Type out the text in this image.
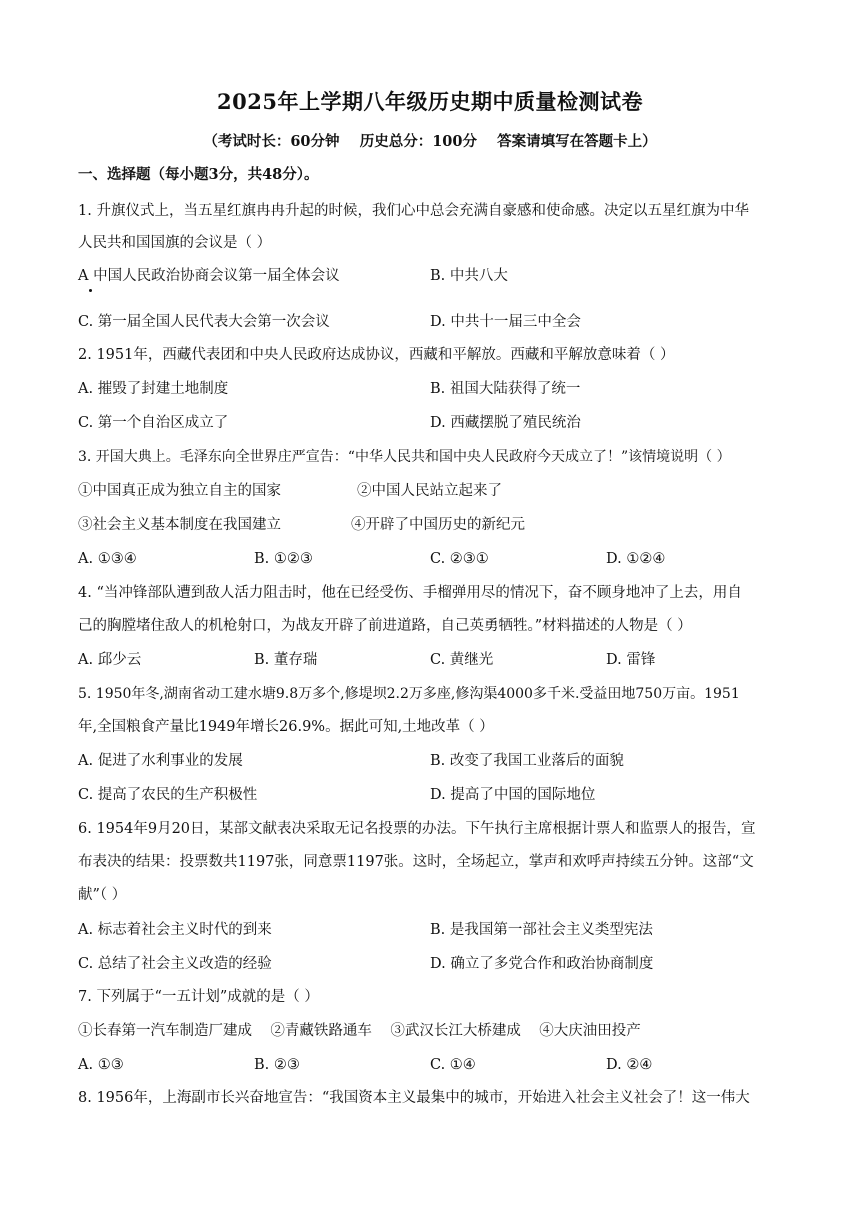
2025年上学期八年级历史期中质量检测试卷
（考试时长：60分钟    历史总分：100分    答案请填写在答题卡上）
一、选择题（每小题3分，共48分）。
1. 升旗仪式上，当五星红旗冉冉升起的时候，我们心中总会充满自豪感和使命感。决定以五星红旗为中华
人民共和国国旗的会议是（ ）
A 中国人民政治协商会议第一届全体会议	B. 中共八大
C. 第一届全国人民代表大会第一次会议	D. 中共十一届三中全会
2. 1951年，西藏代表团和中央人民政府达成协议，西藏和平解放。西藏和平解放意味着（ ）
A. 摧毁了封建土地制度	B. 祖国大陆获得了统一
C. 第一个自治区成立了	D. 西藏摆脱了殖民统治
3. 开国大典上。毛泽东向全世界庄严宣告：“中华人民共和国中央人民政府今天成立了！”该情境说明（ ）
①中国真正成为独立自主的国家	②中国人民站立起来了
③社会主义基本制度在我国建立	④开辟了中国历史的新纪元
A. ①③④	B. ①②③	C. ②③①	D. ①②④
4. “当冲锋部队遭到敌人活力阻击时，他在已经受伤、手榴弹用尽的情况下，奋不顾身地冲了上去，用自
己的胸膛堵住敌人的机枪射口，为战友开辟了前进道路，自己英勇牺牲。”材料描述的人物是（ ）
A. 邱少云	B. 董存瑞	C. 黄继光	D. 雷锋
5. 1950年冬,湖南省动工建水塘9.8万多个,修堤坝2.2万多座,修沟渠4000多千米.受益田地750万亩。1951
年,全国粮食产量比1949年增长26.9%。据此可知,土地改革（ ）
A. 促进了水利事业的发展	B. 改变了我国工业落后的面貌
C. 提高了农民的生产积极性	D. 提高了中国的国际地位
6. 1954年9月20日，某部文献表决采取无记名投票的办法。下午执行主席根据计票人和监票人的报告，宣
布表决的结果：投票数共1197张，同意票1197张。这时，全场起立，掌声和欢呼声持续五分钟。这部“文
献”（ ）
A. 标志着社会主义时代的到来	B. 是我国第一部社会主义类型宪法
C. 总结了社会主义改造的经验	D. 确立了多党合作和政治协商制度
7. 下列属于“一五计划”成就的是（ ）
①长春第一汽车制造厂建成    ②青藏铁路通车    ③武汉长江大桥建成    ④大庆油田投产
A. ①③	B. ②③	C. ①④	D. ②④
8. 1956年，上海副市长兴奋地宣告：“我国资本主义最集中的城市，开始进入社会主义社会了！这一伟大
